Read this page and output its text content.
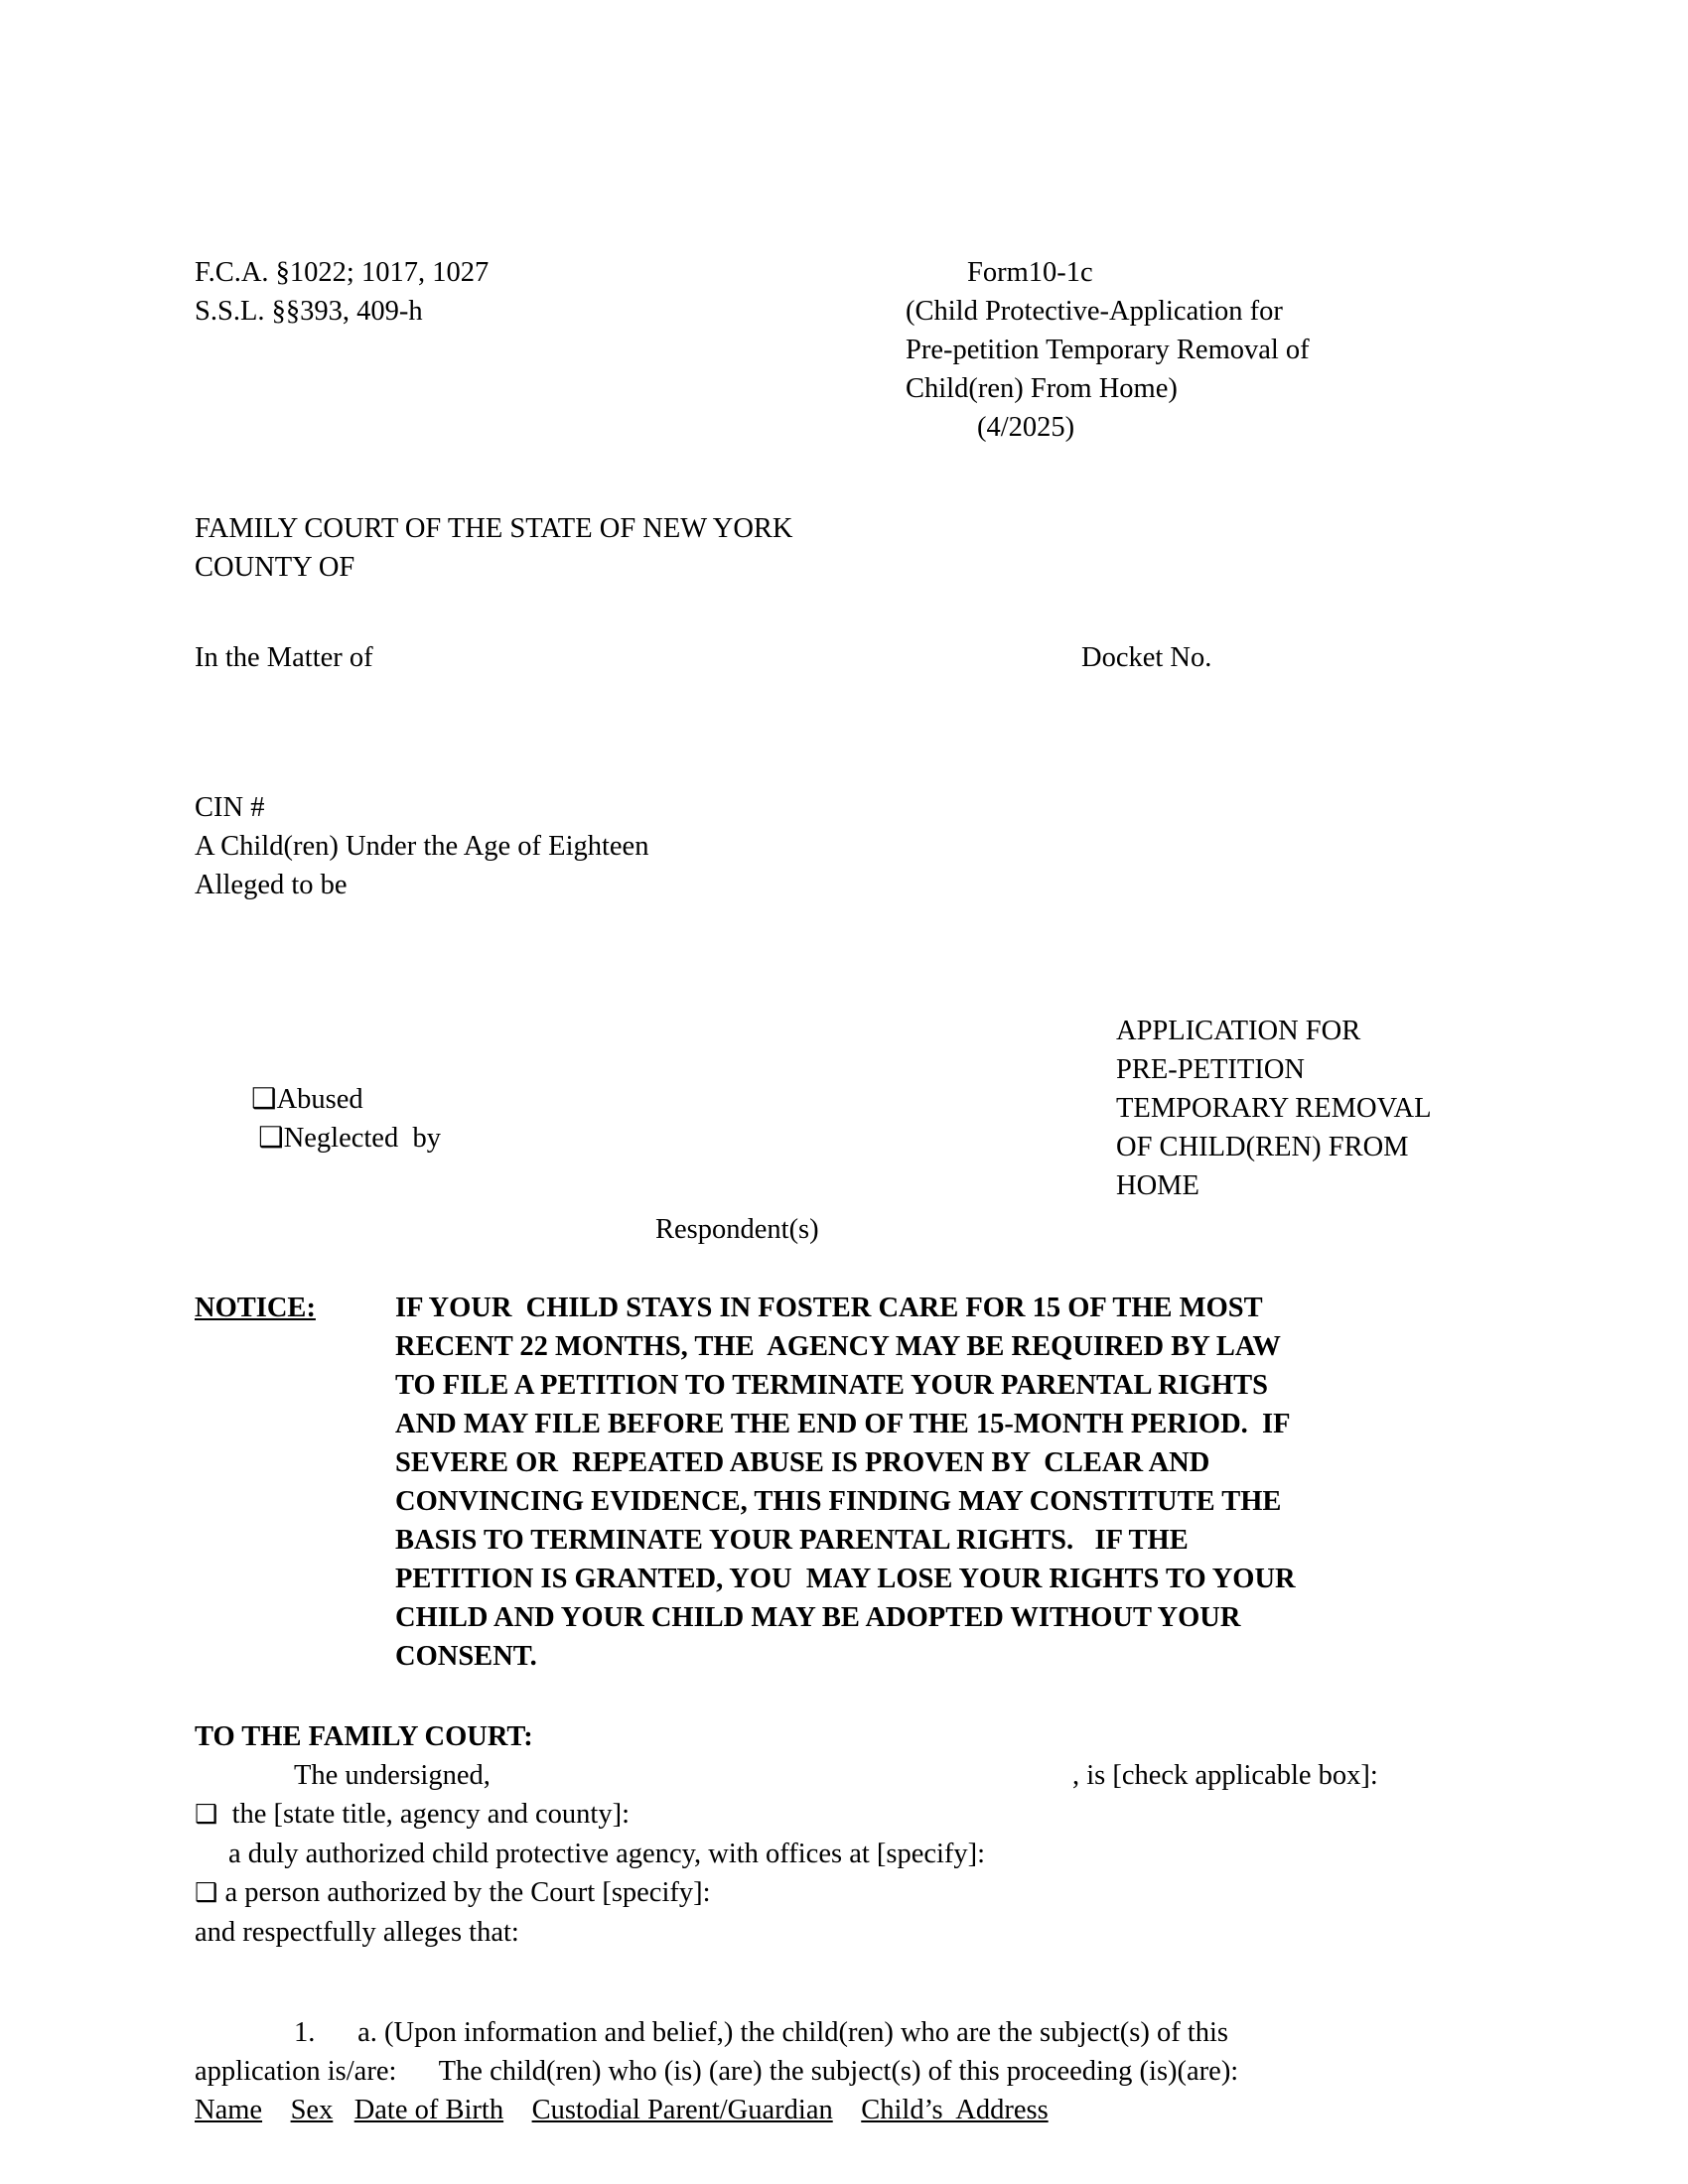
F.C.A. §1022; 1017, 1027
S.S.L. §§393, 409-h
Form10-1c
(Child Protective-Application for
Pre-petition Temporary Removal of
Child(ren) From Home)
(4/2025)
FAMILY COURT OF THE STATE OF NEW YORK
COUNTY OF
In the Matter of	Docket No.
CIN #
A Child(ren) Under the Age of Eighteen
Alleged to be

❑Abused
❑Neglected by

APPLICATION FOR
PRE-PETITION
TEMPORARY REMOVAL
OF CHILD(REN) FROM
HOME
Respondent(s)
NOTICE:	IF YOUR  CHILD STAYS IN FOSTER CARE FOR 15 OF THE MOST
RECENT 22 MONTHS, THE  AGENCY MAY BE REQUIRED BY LAW
TO FILE A PETITION TO TERMINATE YOUR PARENTAL RIGHTS
AND MAY FILE BEFORE THE END OF THE 15-MONTH PERIOD.  IF
SEVERE OR  REPEATED ABUSE IS PROVEN BY  CLEAR AND
CONVINCING EVIDENCE, THIS FINDING MAY CONSTITUTE THE
BASIS TO TERMINATE YOUR PARENTAL RIGHTS.   IF THE
PETITION IS GRANTED, YOU  MAY LOSE YOUR RIGHTS TO YOUR
CHILD AND YOUR CHILD MAY BE ADOPTED WITHOUT YOUR
CONSENT.
TO THE FAMILY COURT:
The undersigned,	, is [check applicable box]:
❑ the [state title, agency and county]:
a duly authorized child protective agency, with offices at [specify]:
❑ a person authorized by the Court [specify]:
and respectfully alleges that:
1. a. (Upon information and belief,) the child(ren) who are the subject(s) of this
application is/are: The child(ren) who (is) (are) the subject(s) of this proceeding (is)(are):
Name Sex Date of Birth Custodial Parent/Guardian Child’s  Address
